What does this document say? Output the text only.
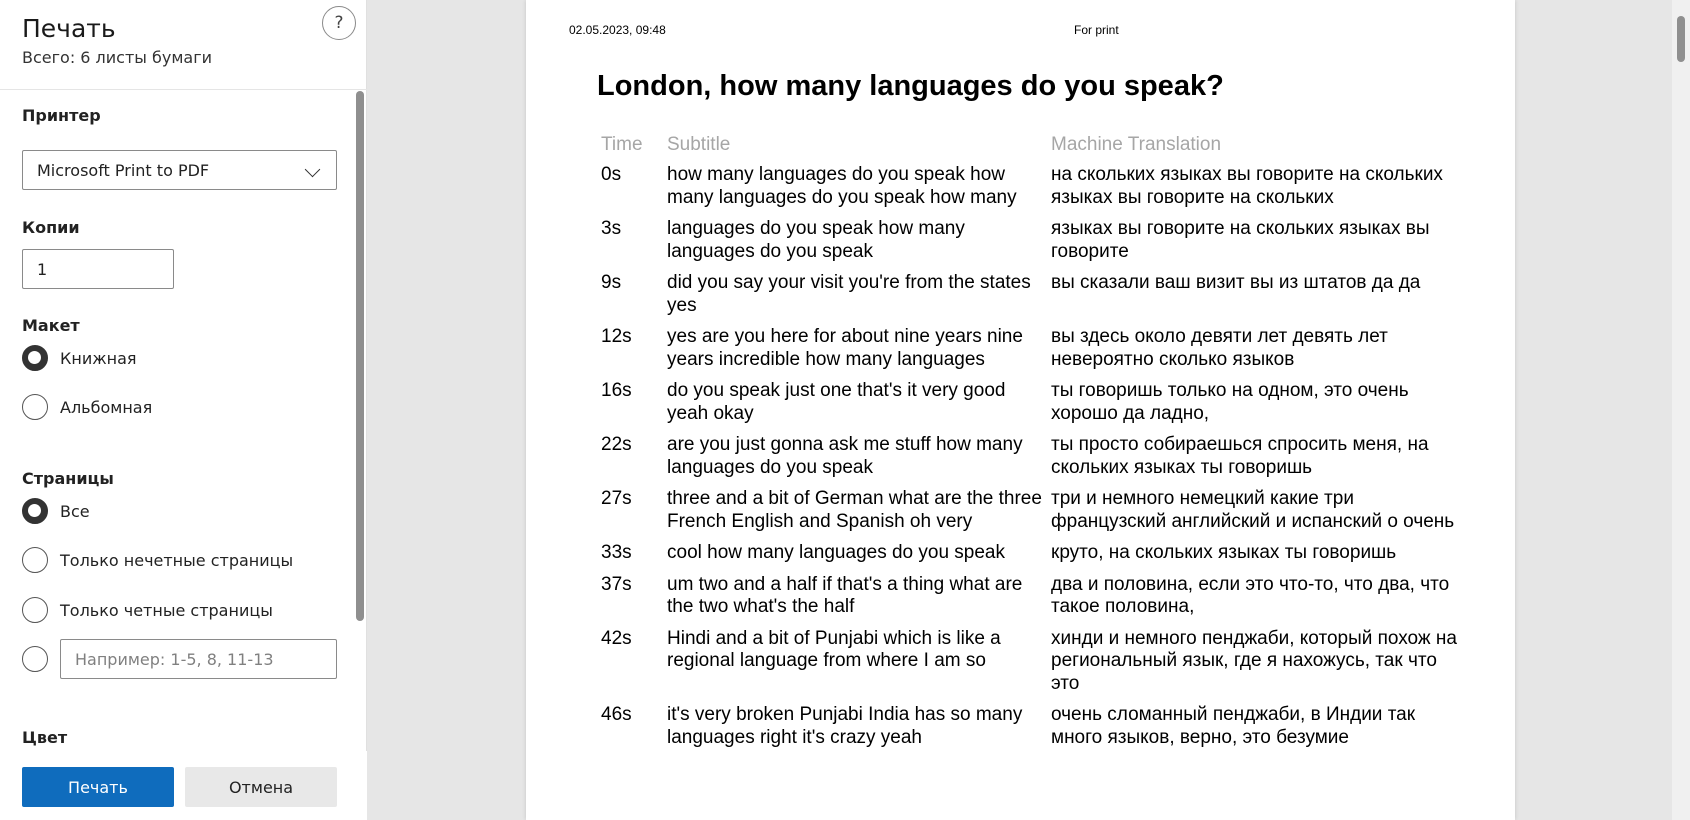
Печать
Всего: 6 листы бумаги
?
Принтер
Microsoft Print to PDF
Копии
1
Макет
Книжная
Альбомная
Страницы
Все
Только нечетные страницы
Только четные страницы
Например: 1-5, 8, 11-13
Цвет
Печать	Отмена
02.05.2023, 09:48	For print
London, how many languages do you speak?
Time	Subtitle	Machine Translation
0s	how many languages do you speak how many languages do you speak how many	на скольких языках вы говорите на скольких языках вы говорите на скольких
3s	languages do you speak how many languages do you speak	языках вы говорите на скольких языках вы говорите
9s	did you say your visit you're from the states yes	вы сказали ваш визит вы из штатов да да
12s	yes are you here for about nine years nine years incredible how many languages	вы здесь около девяти лет девять лет невероятно сколько языков
16s	do you speak just one that's it very good yeah okay	ты говоришь только на одном, это очень хорошо да ладно,
22s	are you just gonna ask me stuff how many languages do you speak	ты просто собираешься спросить меня, на скольких языках ты говоришь
27s	three and a bit of German what are the three French English and Spanish oh very	три и немного немецкий какие три французский английский и испанский о очень
33s	cool how many languages do you speak	круто, на скольких языках ты говоришь
37s	um two and a half if that's a thing what are the two what's the half	два и половина, если это что-то, что два, что такое половина,
42s	Hindi and a bit of Punjabi which is like a regional language from where I am so	хинди и немного пенджаби, который похож на региональный язык, где я нахожусь, так что это
46s	it's very broken Punjabi India has so many languages right it's crazy yeah	очень сломанный пенджаби, в Индии так много языков, верно, это безумие
